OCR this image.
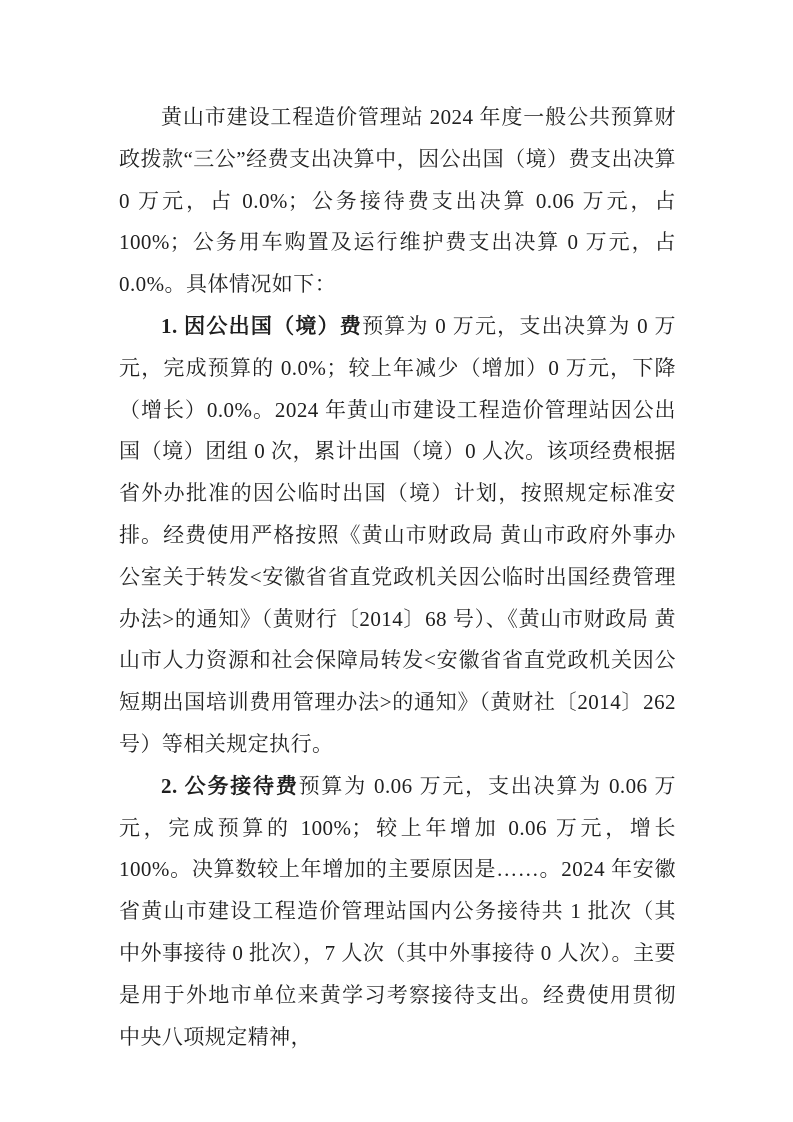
黄山市建设工程造价管理站 2024 年度一般公共预算财政拨款“三公”经费支出决算中，因公出国（境）费支出决算 0 万元，占 0.0%；公务接待费支出决算 0.06 万元，占 100%；公务用车购置及运行维护费支出决算 0 万元，占 0.0%。具体情况如下：

1. 因公出国（境）费预算为 0 万元，支出决算为 0 万元，完成预算的 0.0%；较上年减少（增加）0 万元，下降（增长）0.0%。2024 年黄山市建设工程造价管理站因公出国（境）团组 0 次，累计出国（境）0 人次。该项经费根据省外办批准的因公临时出国（境）计划，按照规定标准安排。经费使用严格按照《黄山市财政局 黄山市政府外事办公室关于转发<安徽省省直党政机关因公临时出国经费管理办法>的通知》（黄财行〔2014〕68 号）、《黄山市财政局 黄山市人力资源和社会保障局转发<安徽省省直党政机关因公短期出国培训费用管理办法>的通知》（黄财社〔2014〕262 号）等相关规定执行。

2. 公务接待费预算为 0.06 万元，支出决算为 0.06 万元，完成预算的 100%；较上年增加 0.06 万元，增长 100%。决算数较上年增加的主要原因是……。2024 年安徽省黄山市建设工程造价管理站国内公务接待共 1 批次（其中外事接待 0 批次），7 人次（其中外事接待 0 人次）。主要是用于外地市单位来黄学习考察接待支出。经费使用贯彻中央八项规定精神，
